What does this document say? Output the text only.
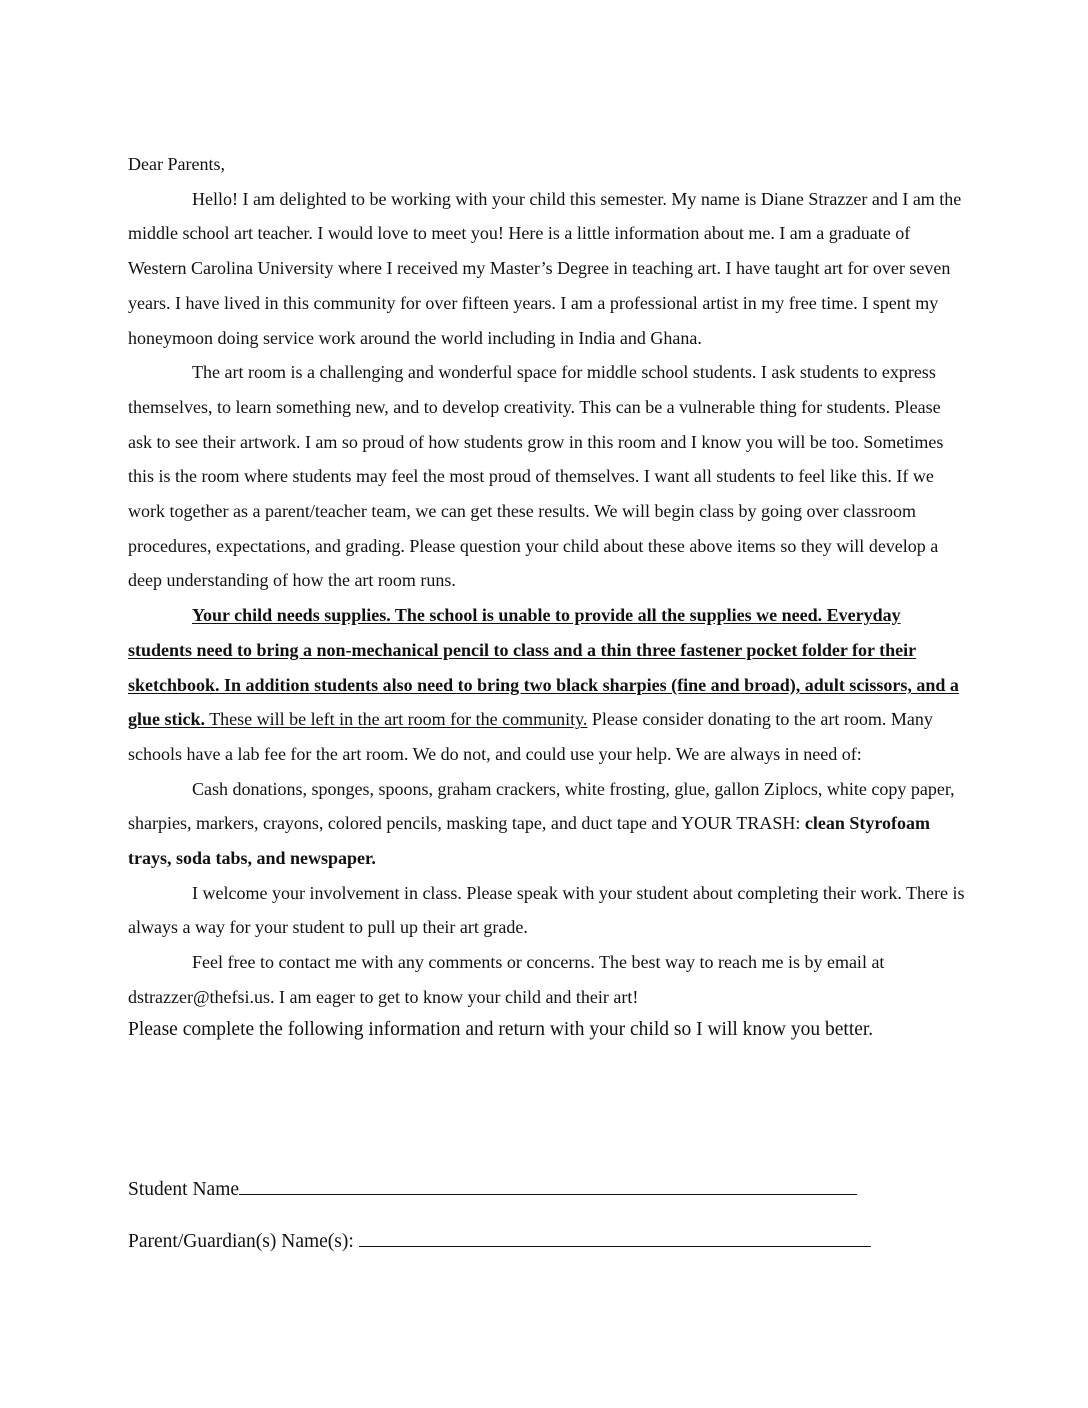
Dear Parents,

Hello! I am delighted to be working with your child this semester. My name is Diane Strazzer and I am the middle school art teacher. I would love to meet you! Here is a little information about me. I am a graduate of Western Carolina University where I received my Master’s Degree in teaching art. I have taught art for over seven years. I have lived in this community for over fifteen years. I am a professional artist in my free time. I spent my honeymoon doing service work around the world including in India and Ghana.

The art room is a challenging and wonderful space for middle school students. I ask students to express themselves, to learn something new, and to develop creativity. This can be a vulnerable thing for students. Please ask to see their artwork. I am so proud of how students grow in this room and I know you will be too. Sometimes this is the room where students may feel the most proud of themselves. I want all students to feel like this. If we work together as a parent/teacher team, we can get these results. We will begin class by going over classroom procedures, expectations, and grading. Please question your child about these above items so they will develop a deep understanding of how the art room runs.

Your child needs supplies. The school is unable to provide all the supplies we need. Everyday students need to bring a non-mechanical pencil to class and a thin three fastener pocket folder for their sketchbook. In addition students also need to bring two black sharpies (fine and broad), adult scissors, and a glue stick. These will be left in the art room for the community. Please consider donating to the art room. Many schools have a lab fee for the art room. We do not, and could use your help. We are always in need of:

Cash donations, sponges, spoons, graham crackers, white frosting, glue, gallon Ziplocs, white copy paper, sharpies, markers, crayons, colored pencils, masking tape, and duct tape and YOUR TRASH: clean Styrofoam trays, soda tabs, and newspaper.

I welcome your involvement in class. Please speak with your student about completing their work. There is always a way for your student to pull up their art grade.

Feel free to contact me with any comments or concerns. The best way to reach me is by email at dstrazzer@thefsi.us. I am eager to get to know your child and their art!

Please complete the following information and return with your child so I will know you better.

Student Name
Parent/Guardian(s) Name(s):
